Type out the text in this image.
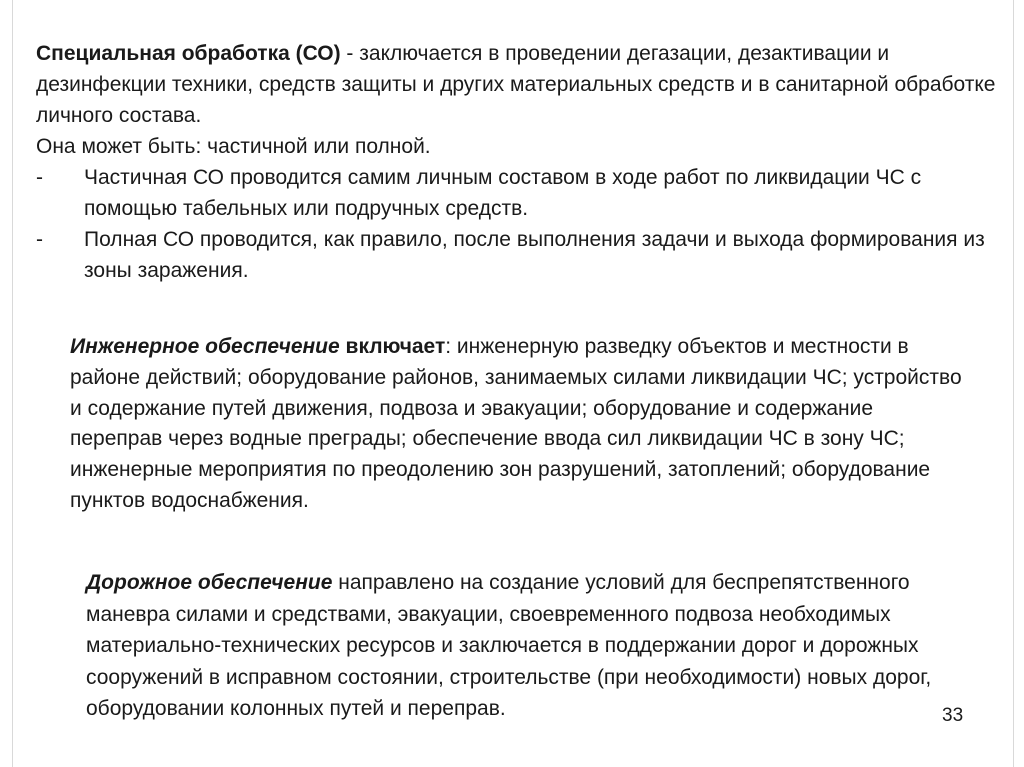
Специальная обработка (СО) - заключается в проведении дегазации, дезактивации и дезинфекции техники, средств защиты и других материальных средств и в санитарной обработке личного состава.

Она может быть: частичной или полной.

- Частичная СО проводится самим личным составом в ходе работ по ликвидации ЧС с помощью табельных или подручных средств.

- Полная СО проводится, как правило, после выполнения задачи и выхода формирования из зоны заражения.

Инженерное обеспечение включает: инженерную разведку объектов и местности в районе действий; оборудование районов, занимаемых силами ликвидации ЧС; устройство и содержание путей движения, подвоза и эвакуации; оборудование и содержание переправ через водные преграды; обеспечение ввода сил ликвидации ЧС в зону ЧС; инженерные мероприятия по преодолению зон разрушений, затоплений; оборудование пунктов водоснабжения.

Дорожное обеспечение направлено на создание условий для беспрепятственного маневра силами и средствами, эвакуации, своевременного подвоза необходимых материально-технических ресурсов и заключается в поддержании дорог и дорожных сооружений в исправном состоянии, строительстве (при необходимости) новых дорог, оборудовании колонных путей и переправ.	33
